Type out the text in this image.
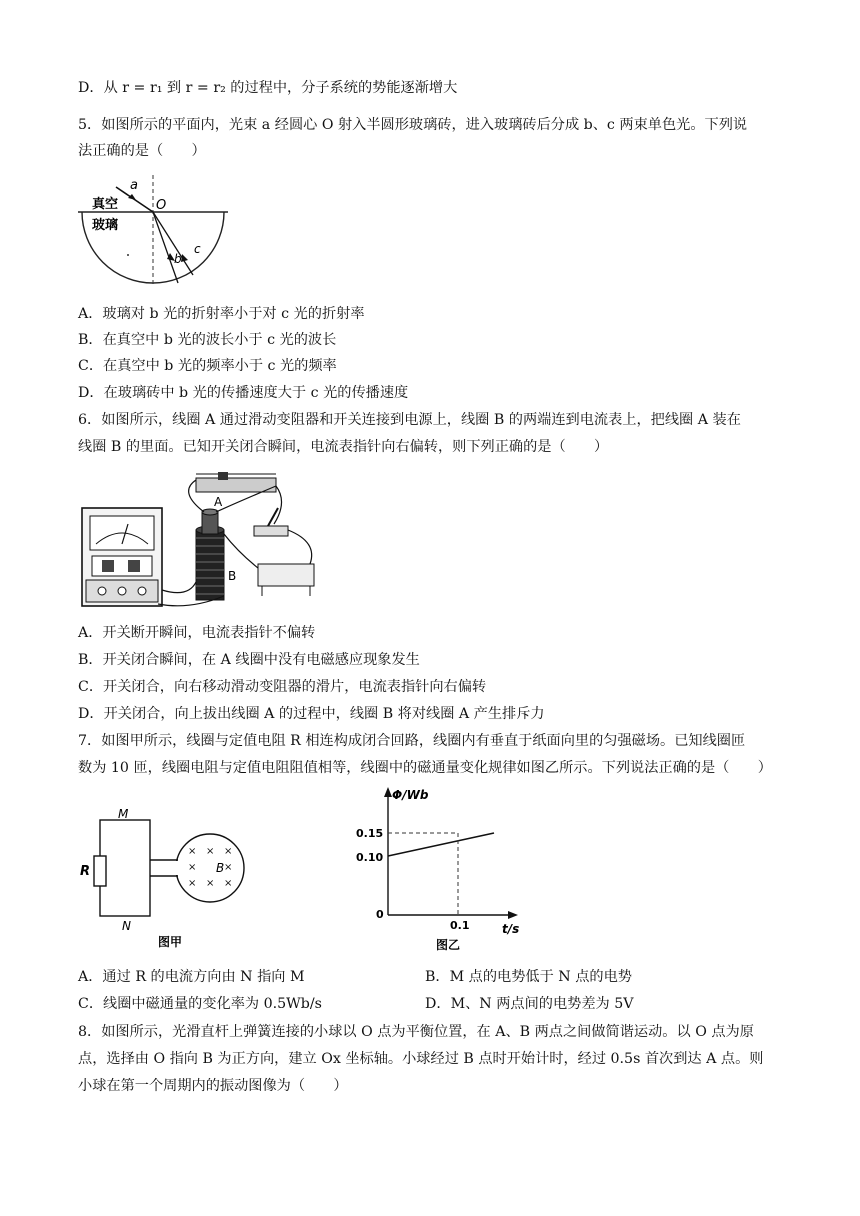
D．从 r = r₁ 到 r = r₂ 的过程中，分子系统的势能逐渐增大
5．如图所示的平面内，光束 a 经圆心 O 射入半圆形玻璃砖，进入玻璃砖后分成 b、c 两束单色光。下列说
法正确的是（　　）
真空
玻璃
a
O
c
b
A．玻璃对 b 光的折射率小于对 c 光的折射率
B．在真空中 b 光的波长小于 c 光的波长
C．在真空中 b 光的频率小于 c 光的频率
D．在玻璃砖中 b 光的传播速度大于 c 光的传播速度
6．如图所示，线圈 A 通过滑动变阻器和开关连接到电源上，线圈 B 的两端连到电流表上，把线圈 A 装在
线圈 B 的里面。已知开关闭合瞬间，电流表指针向右偏转，则下列正确的是（　　）
A
B
A．开关断开瞬间，电流表指针不偏转
B．开关闭合瞬间，在 A 线圈中没有电磁感应现象发生
C．开关闭合，向右移动滑动变阻器的滑片，电流表指针向右偏转
D．开关闭合，向上拔出线圈 A 的过程中，线圈 B 将对线圈 A 产生排斥力
7．如图甲所示，线圈与定值电阻 R 相连构成闭合回路，线圈内有垂直于纸面向里的匀强磁场。已知线圈匝
数为 10 匝，线圈电阻与定值电阻阻值相等，线圈中的磁通量变化规律如图乙所示。下列说法正确的是（　　）
× × ×
×	×
× × ×
B
M
N
R
图甲
Φ/Wb
t/s
0.15
0.10
0
0.1
图乙
A．通过 R 的电流方向由 N 指向 M	B．M 点的电势低于 N 点的电势
C．线圈中磁通量的变化率为 0.5Wb/s	D．M、N 两点间的电势差为 5V
8．如图所示，光滑直杆上弹簧连接的小球以 O 点为平衡位置，在 A、B 两点之间做简谐运动。以 O 点为原
点，选择由 O 指向 B 为正方向，建立 Ox 坐标轴。小球经过 B 点时开始计时，经过 0.5s 首次到达 A 点。则
小球在第一个周期内的振动图像为（　　）
